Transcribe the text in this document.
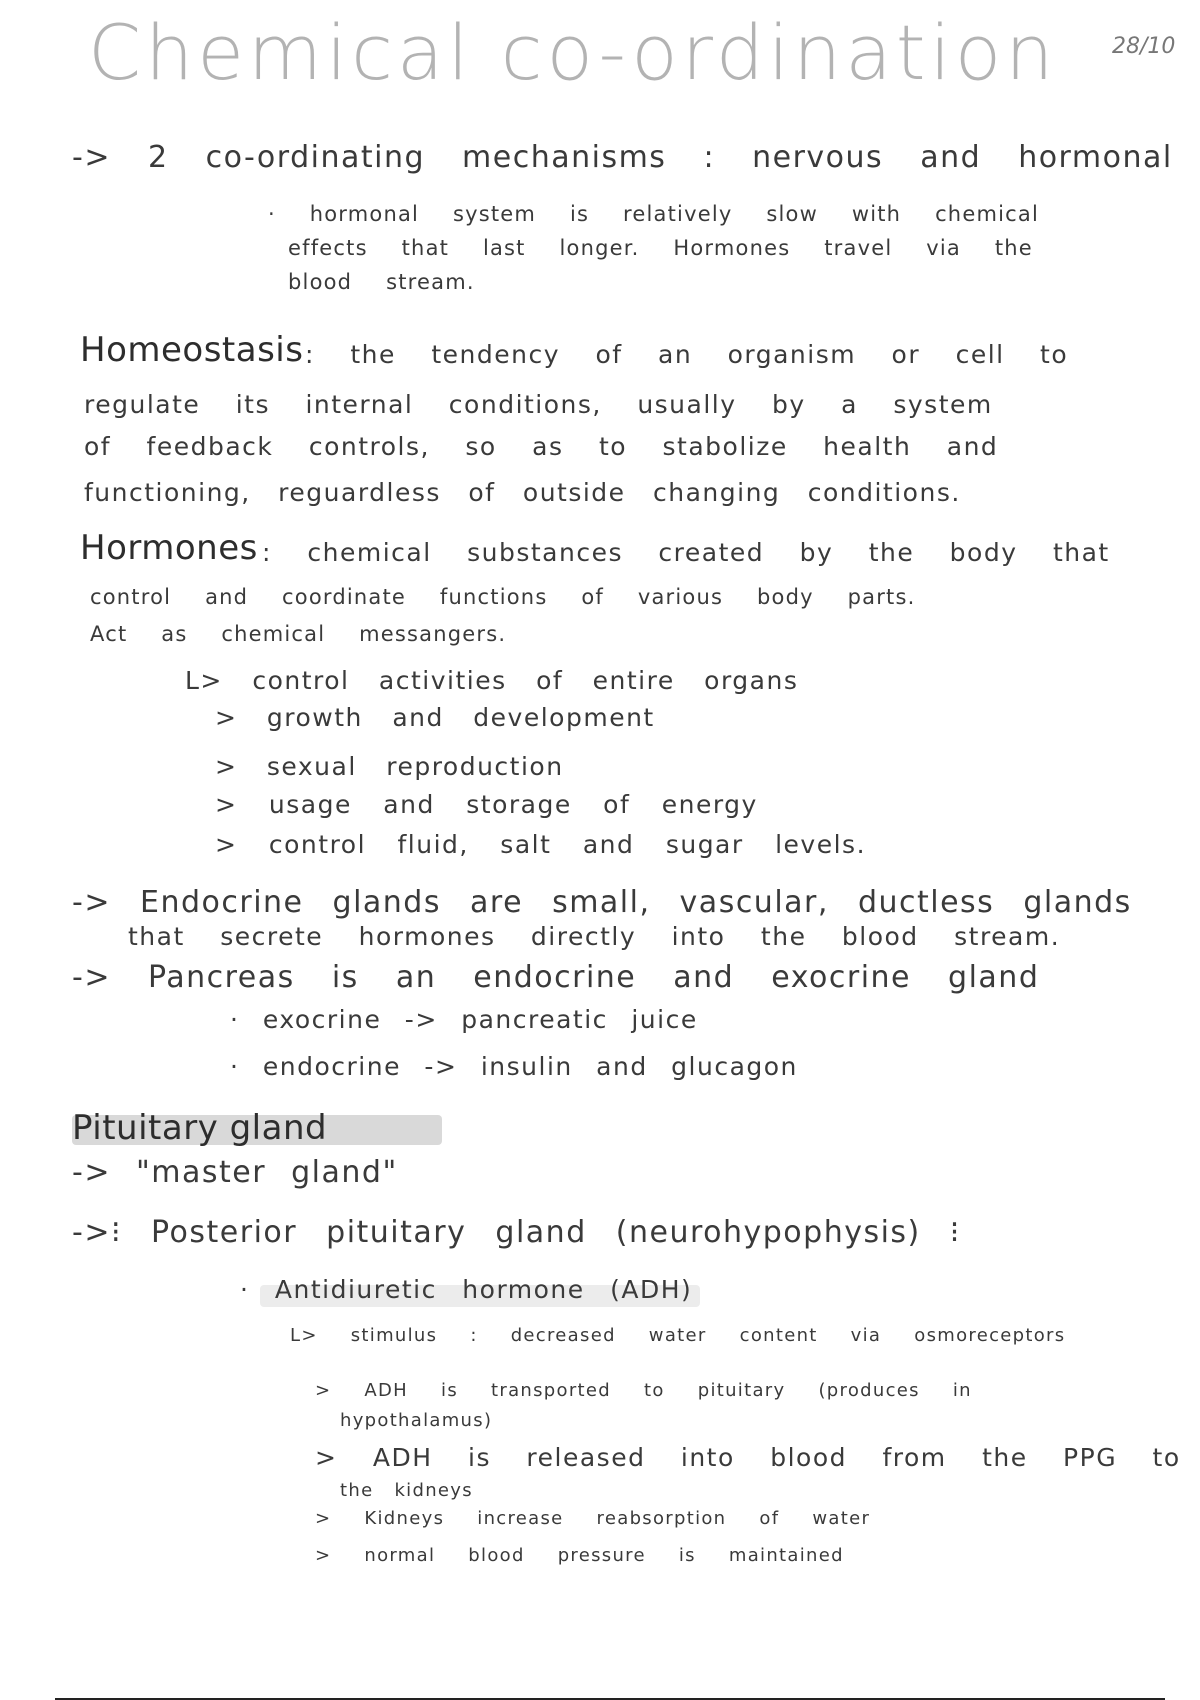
Chemical co-ordination 28/10
-> 2 co-ordinating mechanisms : nervous and hormonal
· hormonal system is relatively slow with chemical
effects that last longer. Hormones travel via the
blood stream.
Homeostasis : the tendency of an organism or cell to
regulate its internal conditions, usually by a system
of feedback controls, so as to stabolize health and
functioning, reguardless of outside changing conditions.
Hormones : chemical substances created by the body that
control and coordinate functions of various body parts.
Act as chemical messangers.
L> control activities of entire organs
> growth and development
> sexual reproduction
> usage and storage of energy
> control fluid, salt and sugar levels.
-> Endocrine glands are small, vascular, ductless glands
that secrete hormones directly into the blood stream.
-> Pancreas is an endocrine and exocrine gland
· exocrine -> pancreatic juice
· endocrine -> insulin and glucagon
Pituitary gland
-> "master gland"
->⁝ Posterior pituitary gland (neurohypophysis) ⁝
· Antidiuretic hormone (ADH)
L> stimulus : decreased water content via osmoreceptors
> ADH is transported to pituitary (produces in
hypothalamus)
> ADH is released into blood from the PPG to
the kidneys
> Kidneys increase reabsorption of water
> normal blood pressure is maintained
